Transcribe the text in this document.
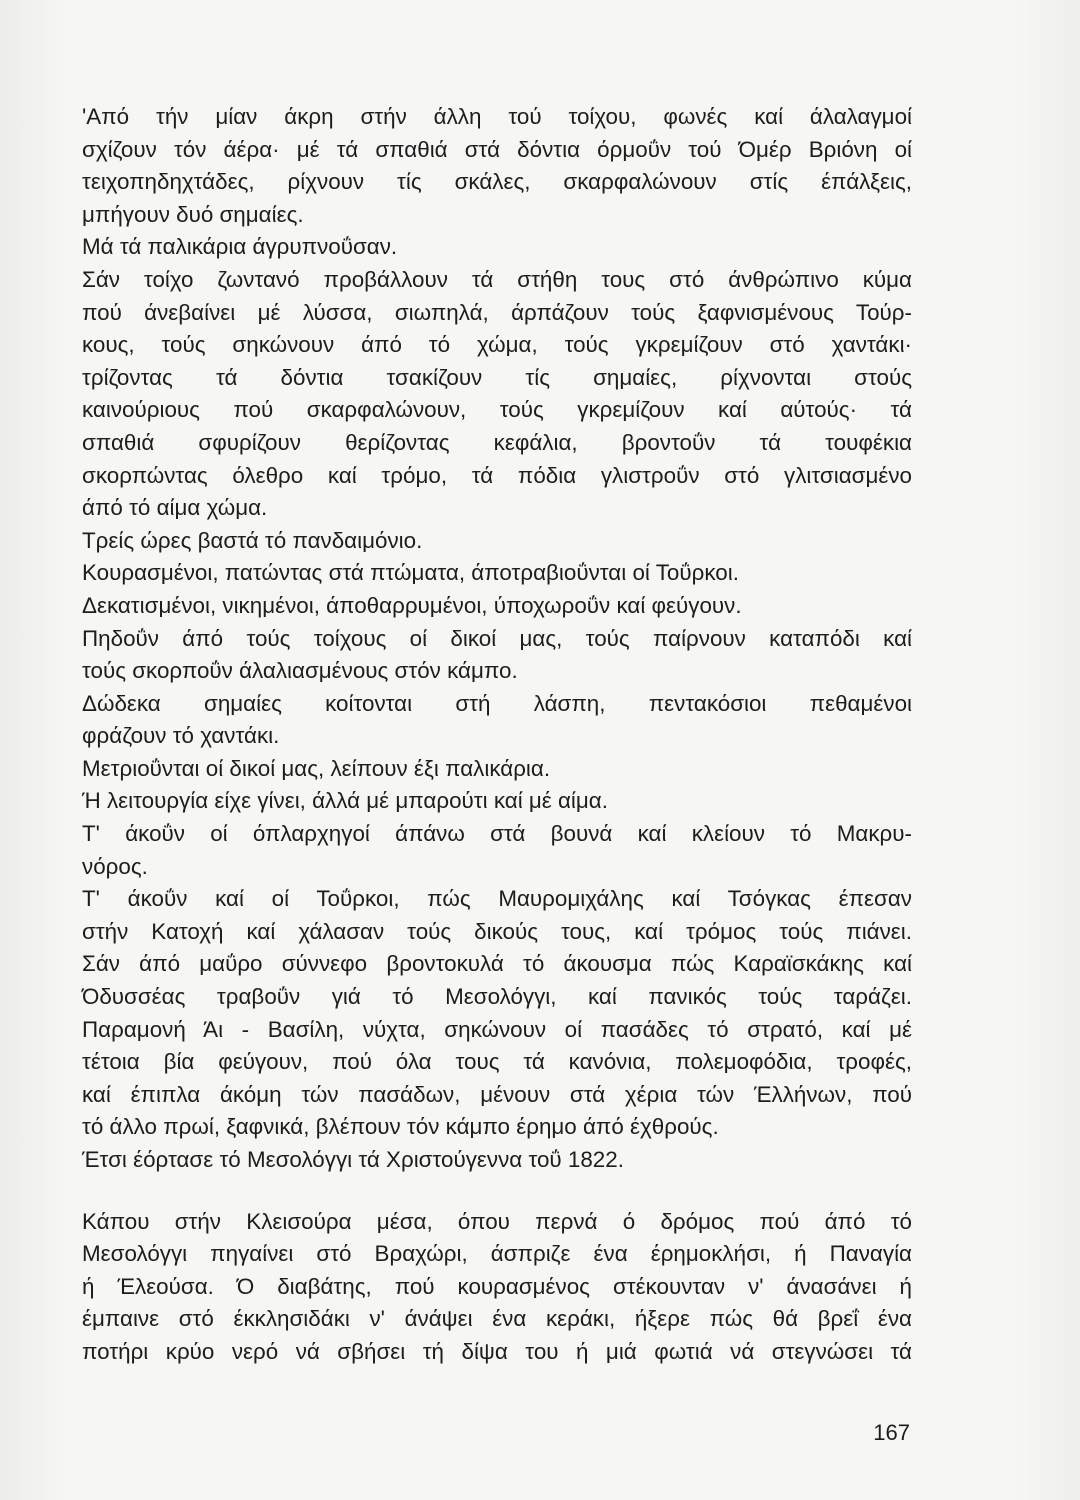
'Από τήν μίαν άκρη στήν άλλη τού τοίχου, φωνές καί άλαλαγμοί
σχίζουν τόν άέρα· μέ τά σπαθιά στά δόντια όρμοΰν τού Όμέρ Βριόνη οί
τειχοπηδηχτάδες, ρίχνουν τίς σκάλες, σκαρφαλώνουν στίς έπάλξεις,
μπήγουν δυό σημαίες.
Μά τά παλικάρια άγρυπνοΰσαν.
Σάν τοίχο ζωντανό προβάλλουν τά στήθη τους στό άνθρώπινο κύμα
πού άνεβαίνει μέ λύσσα, σιωπηλά, άρπάζουν τούς ξαφνισμένους Τούρ-
κους, τούς σηκώνουν άπό τό χώμα, τούς γκρεμίζουν στό χαντάκι·
τρίζοντας τά δόντια τσακίζουν τίς σημαίες, ρίχνονται στούς
καινούριους πού σκαρφαλώνουν, τούς γκρεμίζουν καί αύτούς· τά
σπαθιά σφυρίζουν θερίζοντας κεφάλια, βροντοΰν τά τουφέκια
σκορπώντας όλεθρο καί τρόμο, τά πόδια γλιστροΰν στό γλιτσιασμένο
άπό τό αίμα χώμα.
Τρείς ώρες βαστά τό πανδαιμόνιο.
Κουρασμένοι, πατώντας στά πτώματα, άποτραβιοΰνται οί Τοΰρκοι.
Δεκατισμένοι, νικημένοι, άποθαρρυμένοι, ύποχωροΰν καί φεύγουν.
Πηδοΰν άπό τούς τοίχους οί δικοί μας, τούς παίρνουν καταπόδι καί
τούς σκορποΰν άλαλιασμένους στόν κάμπο.
Δώδεκα σημαίες κοίτονται στή λάσπη, πεντακόσιοι πεθαμένοι
φράζουν τό χαντάκι.
Μετριοΰνται οί δικοί μας, λείπουν έξι παλικάρια.
Ή λειτουργία είχε γίνει, άλλά μέ μπαρούτι καί μέ αίμα.
Τ' άκοΰν οί όπλαρχηγοί άπάνω στά βουνά καί κλείουν τό Μακρυ-
νόρος.
Τ' άκοΰν καί οί Τοΰρκοι, πώς Μαυρομιχάλης καί Τσόγκας έπεσαν
στήν Κατοχή καί χάλασαν τούς δικούς τους, καί τρόμος τούς πιάνει.
Σάν άπό μαΰρο σύννεφο βροντοκυλά τό άκουσμα πώς Καραϊσκάκης καί
Όδυσσέας τραβοΰν γιά τό Μεσολόγγι, καί πανικός τούς ταράζει.
Παραμονή Άι - Βασίλη, νύχτα, σηκώνουν οί πασάδες τό στρατό, καί μέ
τέτοια βία φεύγουν, πού όλα τους τά κανόνια, πολεμοφόδια, τροφές,
καί έπιπλα άκόμη τών πασάδων, μένουν στά χέρια τών Έλλήνων, πού
τό άλλο πρωί, ξαφνικά, βλέπουν τόν κάμπο έρημο άπό έχθρούς.
Έτσι έόρτασε τό Μεσολόγγι τά Χριστούγεννα τοΰ 1822.
Κάπου στήν Κλεισούρα μέσα, όπου περνά ό δρόμος πού άπό τό
Μεσολόγγι πηγαίνει στό Βραχώρι, άσπριζε ένα έρημοκλήσι, ή Παναγία
ή Έλεούσα. Ό διαβάτης, πού κουρασμένος στέκουνταν ν' άνασάνει ή
έμπαινε στό έκκλησιδάκι ν' άνάψει ένα κεράκι, ήξερε πώς θά βρεΐ ένα
ποτήρι κρύο νερό νά σβήσει τή δίψα του ή μιά φωτιά νά στεγνώσει τά
167
